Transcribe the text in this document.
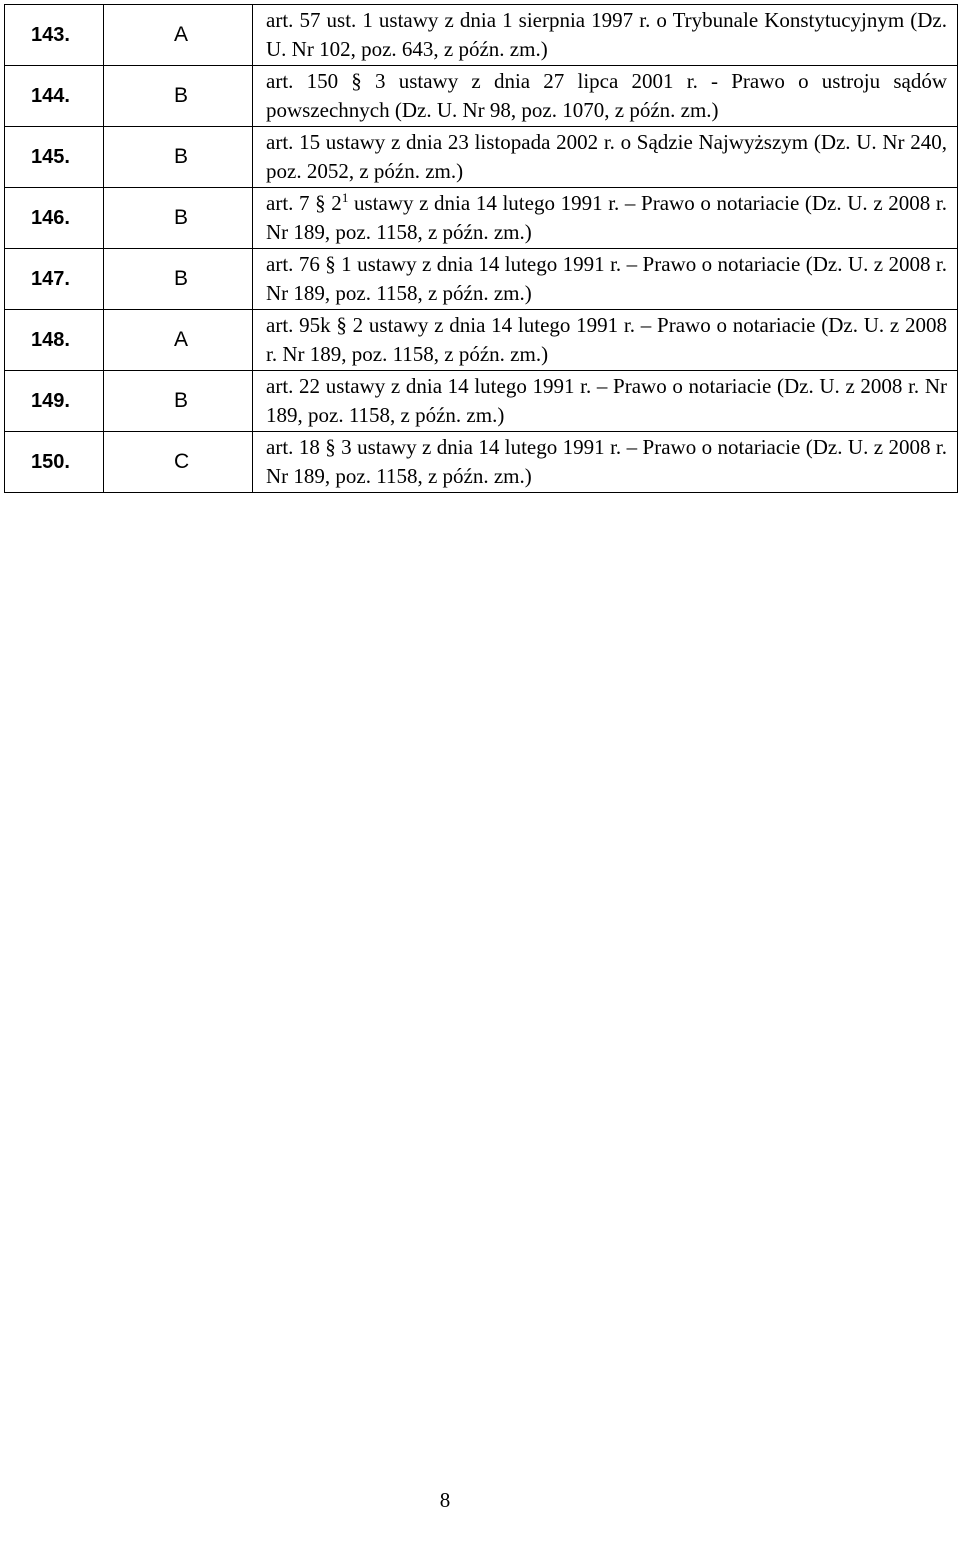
143.	A	art. 57 ust. 1 ustawy z dnia 1 sierpnia 1997 r. o Trybunale Konstytucyjnym (Dz. U. Nr 102, poz. 643, z późn. zm.)
144.	B	art. 150 § 3 ustawy z dnia 27 lipca 2001 r. - Prawo o ustroju sądów powszechnych (Dz. U. Nr 98, poz. 1070, z późn. zm.)
145.	B	art. 15 ustawy z dnia 23 listopada 2002 r. o Sądzie Najwyższym (Dz. U. Nr 240, poz. 2052, z późn. zm.)
146.	B	art. 7 § $2^1$ ustawy z dnia 14 lutego 1991 r. – Prawo o notariacie (Dz. U. z 2008 r. Nr 189, poz. 1158, z późn. zm.)
147.	B	art. 76 § 1 ustawy z dnia 14 lutego 1991 r. – Prawo o notariacie (Dz. U. z 2008 r. Nr 189, poz. 1158, z późn. zm.)
148.	A	art. 95k § 2 ustawy z dnia 14 lutego 1991 r. – Prawo o notariacie (Dz. U. z 2008 r. Nr 189, poz. 1158, z późn. zm.)
149.	B	art. 22 ustawy z dnia 14 lutego 1991 r. – Prawo o notariacie (Dz. U. z 2008 r. Nr 189, poz. 1158, z późn. zm.)
150.	C	art. 18 § 3 ustawy z dnia 14 lutego 1991 r. – Prawo o notariacie (Dz. U. z 2008 r. Nr 189, poz. 1158, z późn. zm.)
8
